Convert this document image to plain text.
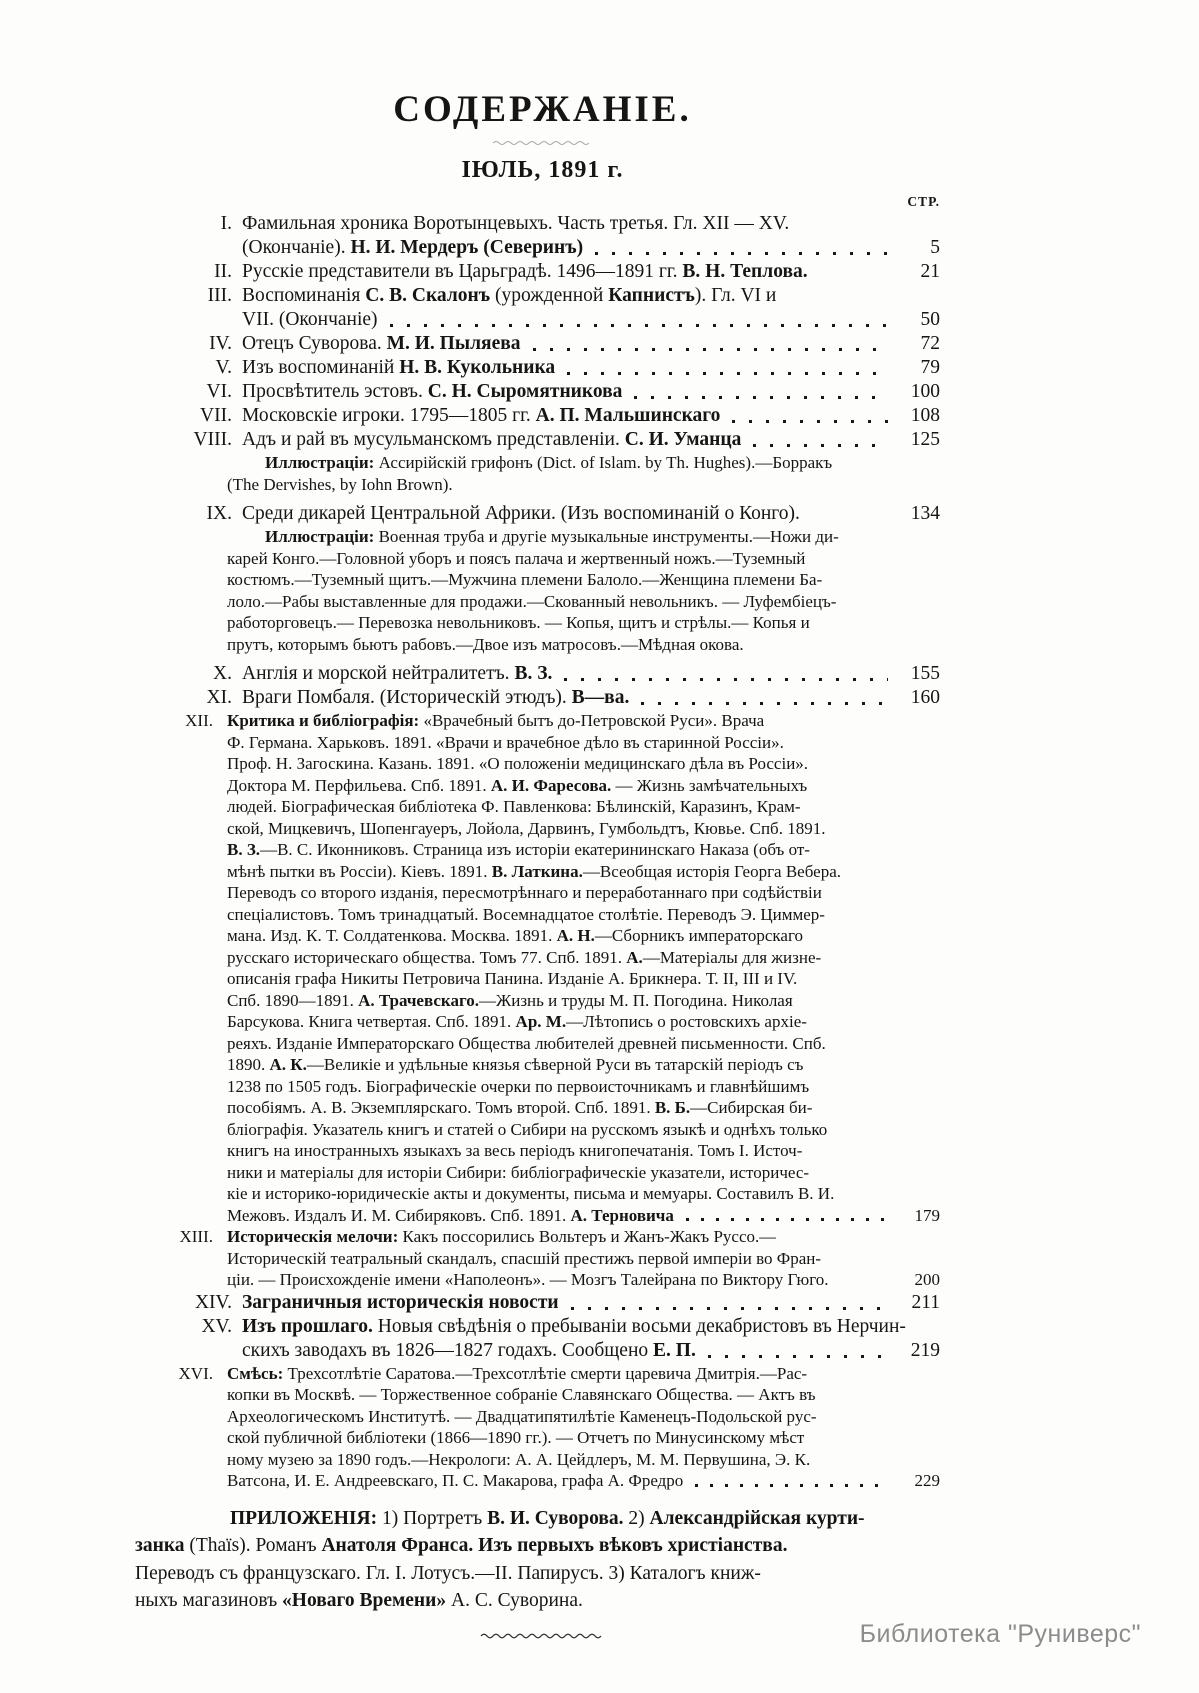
СОДЕРЖАНІЕ.
ІЮЛЬ, 1891 г.
СТР.
I. Фамильная хроника Воротынцевыхъ. Часть третья. Гл. XII — XV.
(Окончаніе). Н. И. Мердеръ (Северинъ)	5
II. Русскіе представители въ Царьградѣ. 1496—1891 гг. В. Н. Теплова.	21
III. Воспоминанія С. В. Скалонъ (урожденной Капнистъ). Гл. VI и
VII. (Окончаніе)	50
IV. Отецъ Суворова. М. И. Пыляева	72
V. Изъ воспоминаній Н. В. Кукольника	79
VI. Просвѣтитель эстовъ. С. Н. Сыромятникова	100
VII. Московскіе игроки. 1795—1805 гг. А. П. Мальшинскаго	108
VIII. Адъ и рай въ мусульманскомъ представленіи. С. И. Уманца	125
Иллюстраціи: Ассирійскій грифонъ (Dict. of Islam. by Th. Hughes).—Борракъ
(The Dervishes, by Iohn Brown).
IX. Среди дикарей Центральной Африки. (Изъ воспоминаній о Конго).	134
Иллюстраціи: Военная труба и другіе музыкальные инструменты.—Ножи ди-
карей Конго.—Головной уборъ и поясъ палача и жертвенный ножъ.—Туземный
костюмъ.—Туземный щитъ.—Мужчина племени Балоло.—Женщина племени Ба-
лоло.—Рабы выставленные для продажи.—Скованный невольникъ. — Луфембіецъ-
работорговецъ.— Перевозка невольниковъ. — Копья, щитъ и стрѣлы.— Копья и
прутъ, которымъ бьютъ рабовъ.—Двое изъ матросовъ.—Мѣдная окова.
X. Англія и морской нейтралитетъ. В. З.	155
XI. Враги Помбаля. (Историческій этюдъ). В—ва.	160
XII. Критика и библіографія: «Врачебный бытъ до-Петровской Руси». Врача
Ф. Германа. Харьковъ. 1891. «Врачи и врачебное дѣло въ старинной Россіи».
Проф. Н. Загоскина. Казань. 1891. «О положеніи медицинскаго дѣла въ Россіи».
Доктора М. Перфильева. Спб. 1891. А. И. Фаресова. — Жизнь замѣчательныхъ
людей. Біографическая библіотека Ф. Павленкова: Бѣлинскій, Каразинъ, Крам-
ской, Мицкевичъ, Шопенгауеръ, Лойола, Дарвинъ, Гумбольдтъ, Кювье. Спб. 1891.
В. З.—В. С. Иконниковъ. Страница изъ исторіи екатерининскаго Наказа (объ от-
мѣнѣ пытки въ Россіи). Кіевъ. 1891. В. Латкина.—Всеобщая исторія Георга Вебера.
Переводъ со второго изданія, пересмотрѣннаго и переработаннаго при содѣйствіи
спеціалистовъ. Томъ тринадцатый. Восемнадцатое столѣтіе. Переводъ Э. Циммер-
мана. Изд. К. Т. Солдатенкова. Москва. 1891. А. Н.—Сборникъ императорскаго
русскаго историческаго общества. Томъ 77. Спб. 1891. А.—Матеріалы для жизне-
описанія графа Никиты Петровича Панина. Изданіе А. Брикнера. Т. II, III и IV.
Спб. 1890—1891. А. Трачевскаго.—Жизнь и труды М. П. Погодина. Николая
Барсукова. Книга четвертая. Спб. 1891. Ар. М.—Лѣтопись о ростовскихъ архіе-
реяхъ. Изданіе Императорскаго Общества любителей древней письменности. Спб.
1890. А. К.—Великіе и удѣльные князья сѣверной Руси въ татарскій періодъ съ
1238 по 1505 годъ. Біографическіе очерки по первоисточникамъ и главнѣйшимъ
пособіямъ. А. В. Экземплярскаго. Томъ второй. Спб. 1891. В. Б.—Сибирская би-
бліографія. Указатель книгъ и статей о Сибири на русскомъ языкѣ и однѣхъ только
книгъ на иностранныхъ языкахъ за весь періодъ книгопечатанія. Томъ I. Источ-
ники и матеріалы для исторіи Сибири: библіографическіе указатели, историчес-
кіе и историко-юридическіе акты и документы, письма и мемуары. Составилъ В. И.
Межовъ. Издалъ И. М. Сибиряковъ. Спб. 1891. А. Терновича	179
XIII. Историческія мелочи: Какъ поссорились Вольтеръ и Жанъ-Жакъ Руссо.—
Историческій театральный скандалъ, спасшій престижъ первой имперіи во Фран-
ціи. — Происхожденіе имени «Наполеонъ». — Мозгъ Талейрана по Виктору Гюго.	200
XIV. Заграничныя историческія новости	211
XV. Изъ прошлаго. Новыя свѣдѣнія о пребываніи восьми декабристовъ въ Нерчин-
скихъ заводахъ въ 1826—1827 годахъ. Сообщено Е. П.	219
XVI. Смѣсь: Трехсотлѣтіе Саратова.—Трехсотлѣтіе смерти царевича Дмитрія.—Рас-
копки въ Москвѣ. — Торжественное собраніе Славянскаго Общества. — Актъ въ
Археологическомъ Институтѣ. — Двадцатипятилѣтіе Каменецъ-Подольской рус-
ской публичной библіотеки (1866—1890 гг.). — Отчетъ по Минусинскому мѣст
ному музею за 1890 годъ.—Некрологи: А. А. Цейдлеръ, М. М. Первушина, Э. К.
Ватсона, И. Е. Андреевскаго, П. С. Макарова, графа А. Фредро	229
ПРИЛОЖЕНІЯ: 1) Портретъ В. И. Суворова. 2) Александрійская курти-
занка (Thaïs). Романъ Анатоля Франса. Изъ первыхъ вѣковъ христіанства.
Переводъ съ французскаго. Гл. I. Лотусъ.—II. Папирусъ. 3) Каталогъ книж-
ныхъ магазиновъ «Новаго Времени» А. С. Суворина.
Библиотека "Руниверс"
